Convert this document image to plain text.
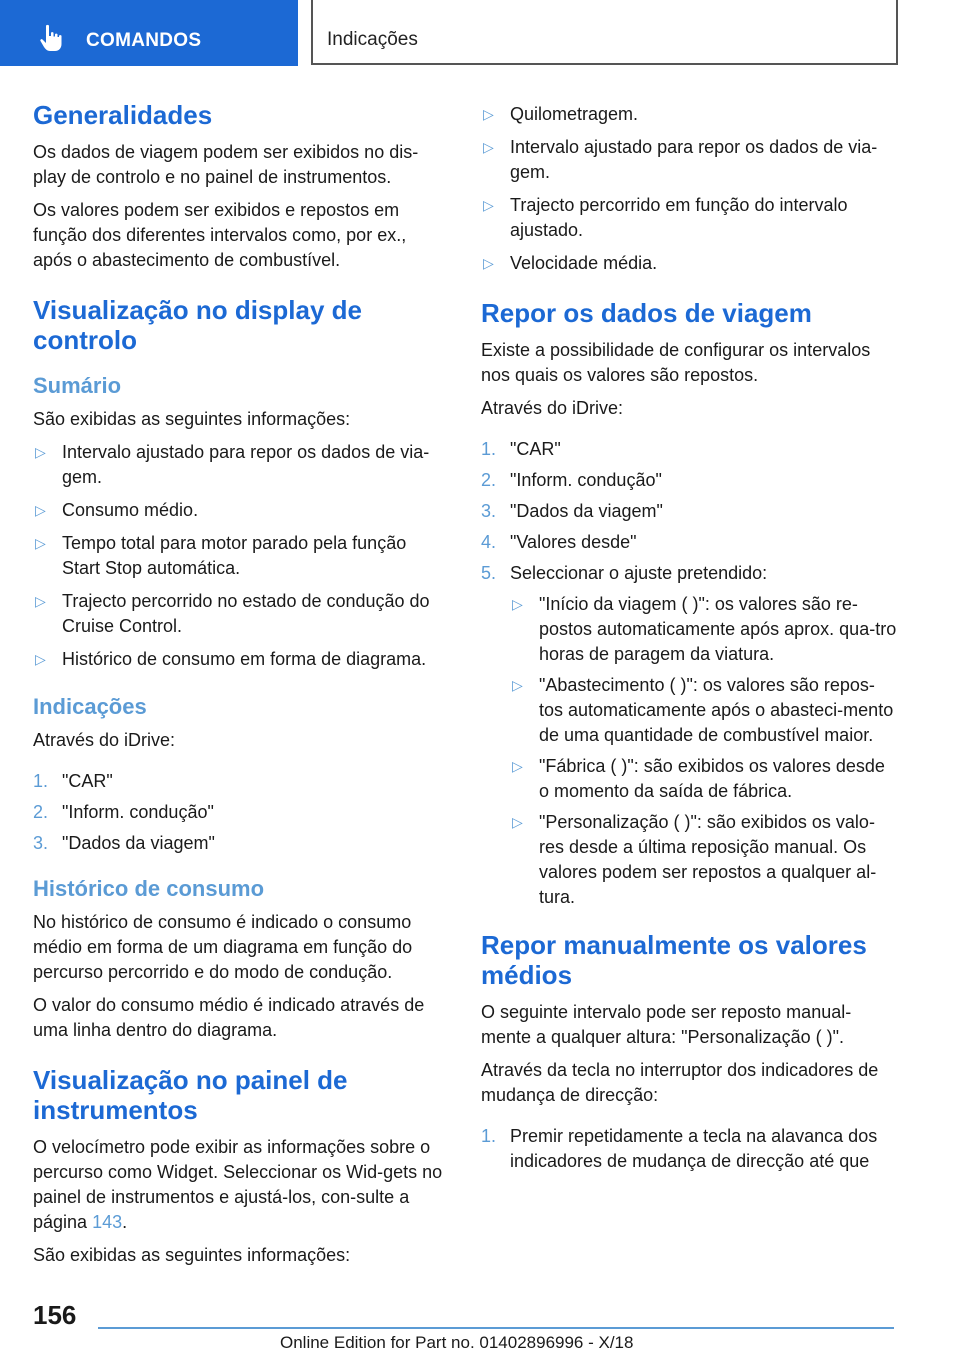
COMANDOS	Indicações
Generalidades

Os dados de viagem podem ser exibidos no dis-play de controlo e no painel de instrumentos.

Os valores podem ser exibidos e repostos em função dos diferentes intervalos como, por ex., após o abastecimento de combustível.

Visualização no display de controlo
Sumário

São exibidas as seguintes informações:

▷ Intervalo ajustado para repor os dados de via-gem.
▷ Consumo médio.
▷ Tempo total para motor parado pela função Start Stop automática.
▷ Trajecto percorrido no estado de condução do Cruise Control.
▷ Histórico de consumo em forma de diagrama.
Indicações

Através do iDrive:

1. "CAR"
2. "Inform. condução"
3. "Dados da viagem"
Histórico de consumo

No histórico de consumo é indicado o consumo médio em forma de um diagrama em função do percurso percorrido e do modo de condução.

O valor do consumo médio é indicado através de uma linha dentro do diagrama.

Visualização no painel de instrumentos

O velocímetro pode exibir as informações sobre o percurso como Widget. Seleccionar os Wid-gets no painel de instrumentos e ajustá-los, con-sulte a página 143.

São exibidas as seguintes informações:

▷ Quilometragem.
▷ Intervalo ajustado para repor os dados de via-gem.
▷ Trajecto percorrido em função do intervalo ajustado.
▷ Velocidade média.
Repor os dados de viagem

Existe a possibilidade de configurar os intervalos nos quais os valores são repostos.

Através do iDrive:

1. "CAR"
2. "Inform. condução"
3. "Dados da viagem"
4. "Valores desde"
5. Seleccionar o ajuste pretendido:
▷ "Início da viagem ( )": os valores são re-postos automaticamente após aprox. qua-tro horas de paragem da viatura.
▷ "Abastecimento ( )": os valores são repos-tos automaticamente após o abasteci-mento de uma quantidade de combustível maior.
▷ "Fábrica ( )": são exibidos os valores desde o momento da saída de fábrica.
▷ "Personalização ( )": são exibidos os valo-res desde a última reposição manual. Os valores podem ser repostos a qualquer al-tura.
Repor manualmente os valores médios

O seguinte intervalo pode ser reposto manual-mente a qualquer altura: "Personalização ( )".

Através da tecla no interruptor dos indicadores de mudança de direcção:

1. Premir repetidamente a tecla na alavanca dos indicadores de mudança de direcção até que
156
Online Edition for Part no. 01402896996 - X/18
